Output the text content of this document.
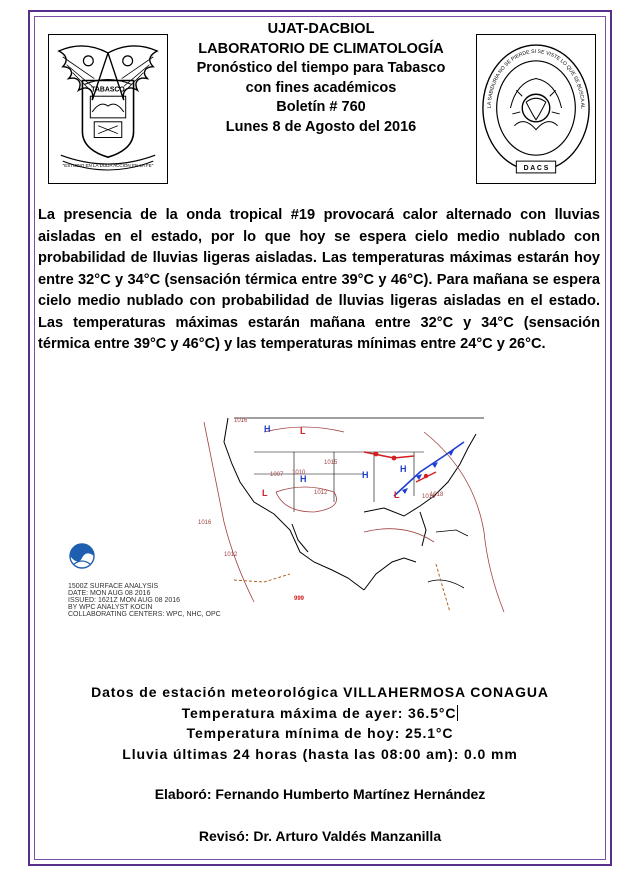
TABASCO
"ESTUDIO EN LA DUDA ACCIÓN EN LA FE"
UJAT-DACBIOL
LABORATORIO DE CLIMATOLOGÍA
Pronóstico del tiempo para Tabasco
con fines académicos
Boletín # 760
Lunes 8 de Agosto del 2016
LA SABIDURÍA NO SE PIERDE SI SE VISTE LO QUE SE BUSCA AL
D A C S
La presencia de la onda tropical #19 provocará calor alternado con lluvias aisladas en el estado, por lo que hoy se espera cielo medio nublado con probabilidad de lluvias ligeras aisladas. Las temperaturas máximas estarán hoy entre 32°C y 34°C (sensación térmica entre 39°C y 46°C). Para mañana se espera cielo medio nublado con probabilidad de lluvias ligeras aisladas en el estado. Las temperaturas máximas estarán mañana entre 32°C y 34°C (sensación térmica entre 39°C y 46°C) y las temperaturas mínimas entre 24°C y 26°C.
H	L
H
L
H
L
H
1016
1007 1010
1015
1012
1016
1018
1016
1012
999
1500Z SURFACE ANALYSIS
DATE: MON AUG 08 2016
ISSUED: 1621Z MON AUG 08 2016
BY WPC ANALYST KOCIN
COLLABORATING CENTERS: WPC, NHC, OPC
Datos de estación meteorológica VILLAHERMOSA CONAGUA
Temperatura máxima de ayer: 36.5°C
Temperatura mínima de hoy: 25.1°C
Lluvia últimas 24 horas (hasta las 08:00 am): 0.0 mm
Elaboró: Fernando Humberto Martínez Hernández
Revisó: Dr. Arturo Valdés Manzanilla
